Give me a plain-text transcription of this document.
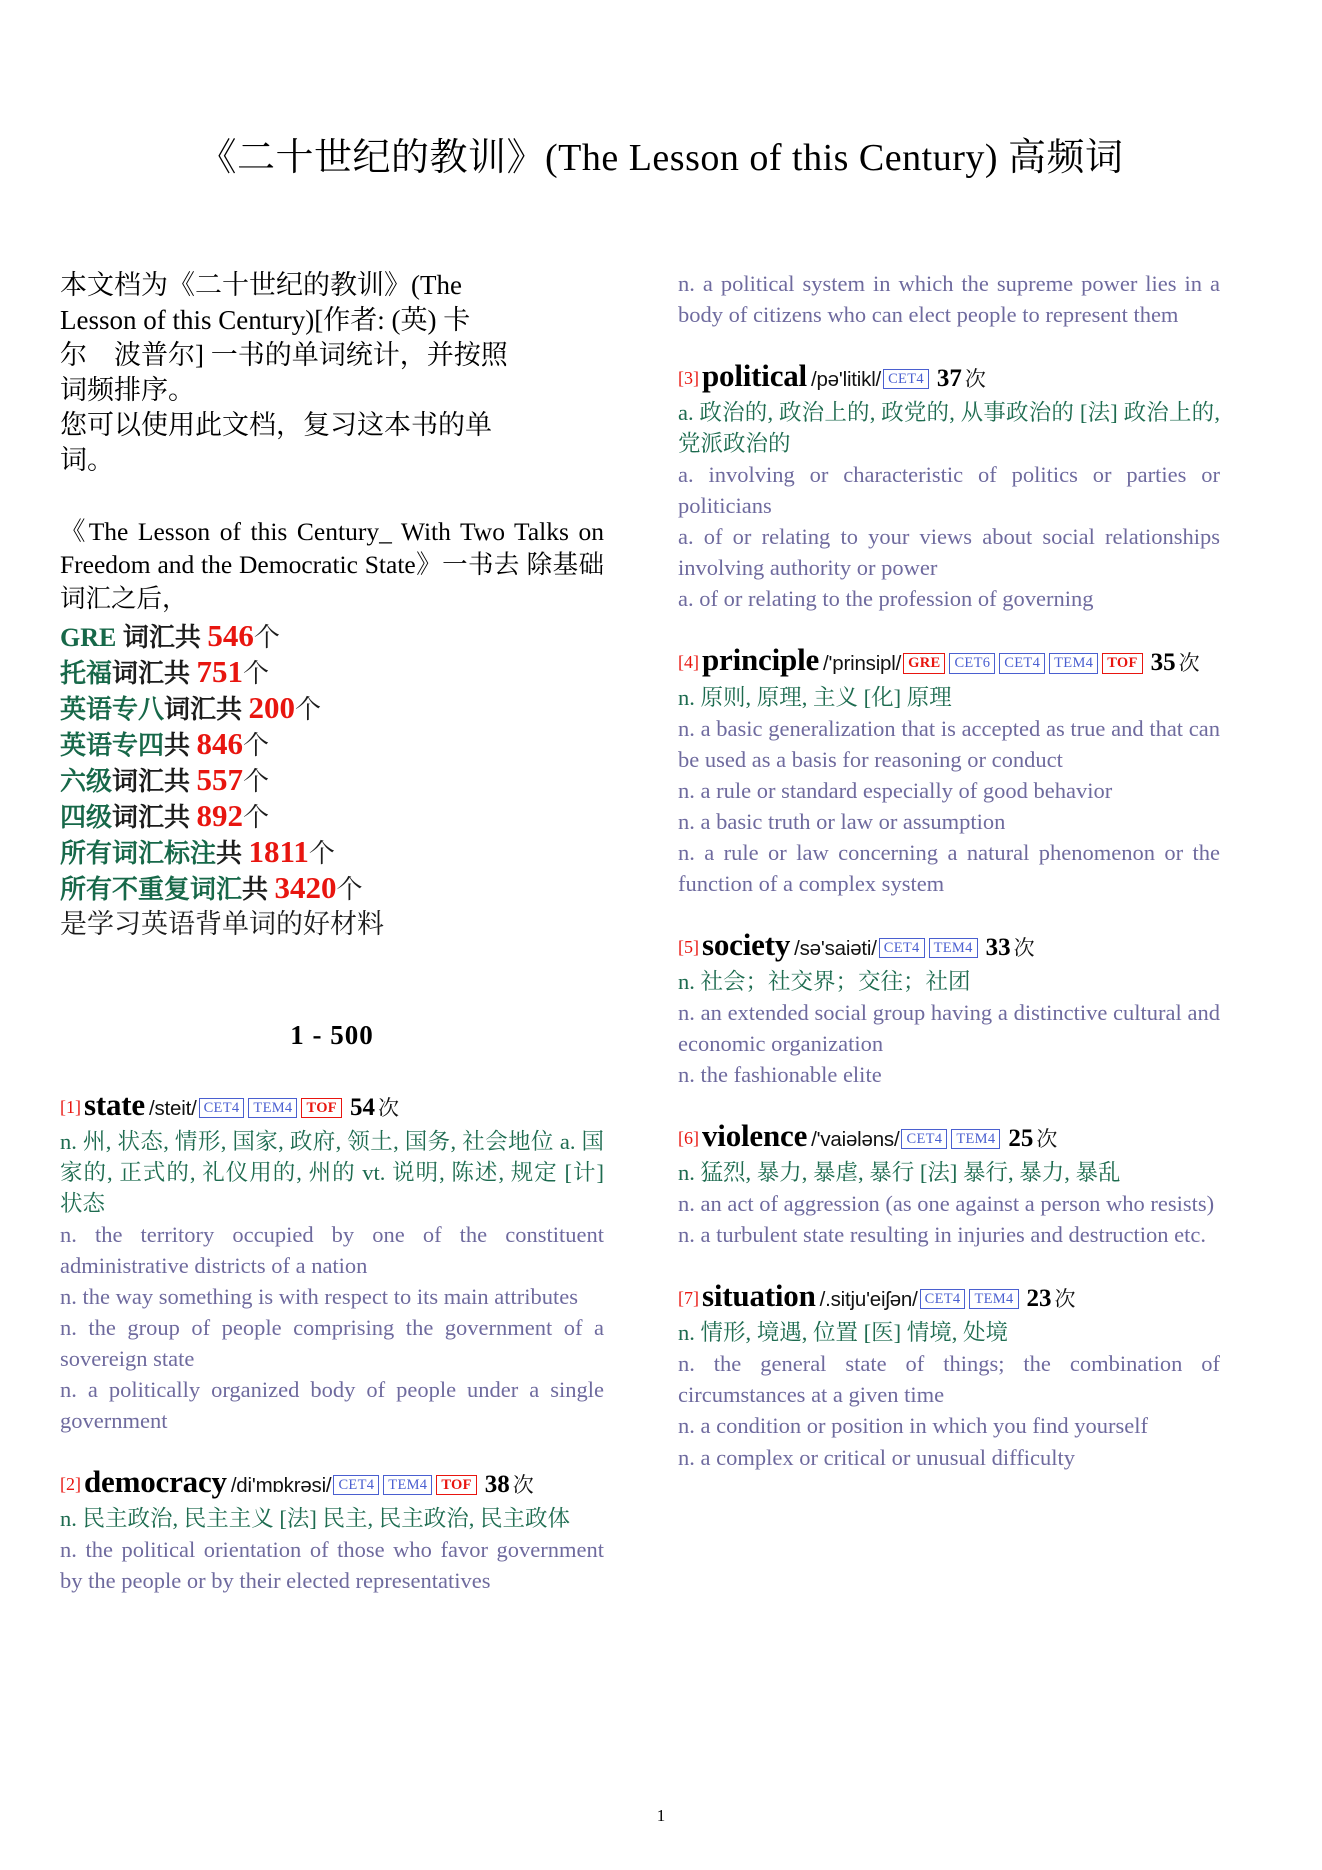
《二十世纪的教训》(The Lesson of this Century) 高频词
本文档为《二十世纪的教训》(The
Lesson of this Century)[作者: (英) 卡
尔　波普尔] 一书的单词统计，并按照
词频排序。
您可以使用此文档，复习这本书的单
词。
《The Lesson of this Century_ With Two Talks on Freedom and the Democratic State》一书去 除基础词汇之后，
GRE 词汇共 546个
托福词汇共 751个
英语专八词汇共 200个
英语专四共 846个
六级词汇共 557个
四级词汇共 892个
所有词汇标注共 1811个
所有不重复词汇共 3420个
是学习英语背单词的好材料
1 - 500
[1]state /steit/ CET4 TEM4 TOF 54 次
n. 州, 状态, 情形, 国家, 政府, 领土, 国务, 社会地位 a. 国家的, 正式的, 礼仪用的, 州的 vt. 说明, 陈述, 规定 [计] 状态
n. the territory occupied by one of the constituent administrative districts of a nation
n. the way something is with respect to its main attributes
n. the group of people comprising the government of a sovereign state
n. a politically organized body of people under a single government
[2]democracy /di'mɒkrəsi/ CET4 TEM4 TOF 38 次
n. 民主政治, 民主主义 [法] 民主, 民主政治, 民主政体
n. the political orientation of those who favor government by the people or by their elected representatives
n. a political system in which the supreme power lies in a body of citizens who can elect people to represent them
[3]political /pə'litikl/ CET4 37 次
a. 政治的, 政治上的, 政党的, 从事政治的 [法] 政治上的, 党派政治的
a. involving or characteristic of politics or parties or politicians
a. of or relating to your views about social relationships involving authority or power
a. of or relating to the profession of governing
[4]principle /'prinsipl/ GRE CET6 CET4 TEM4 TOF 35 次
n. 原则, 原理, 主义 [化] 原理
n. a basic generalization that is accepted as true and that can be used as a basis for reasoning or conduct
n. a rule or standard especially of good behavior
n. a basic truth or law or assumption
n. a rule or law concerning a natural phenomenon or the function of a complex system
[5]society /sə'saiəti/ CET4 TEM4 33 次
n. 社会；社交界；交往；社团
n. an extended social group having a distinctive cultural and economic organization
n. the fashionable elite
[6]violence /'vaiələns/ CET4 TEM4 25 次
n. 猛烈, 暴力, 暴虐, 暴行 [法] 暴行, 暴力, 暴乱
n. an act of aggression (as one against a person who resists)
n. a turbulent state resulting in injuries and destruction etc.
[7]situation /.sitju'eiʃən/ CET4 TEM4 23 次
n. 情形, 境遇, 位置 [医] 情境, 处境
n. the general state of things; the combination of circumstances at a given time
n. a condition or position in which you find yourself
n. a complex or critical or unusual difficulty
1
